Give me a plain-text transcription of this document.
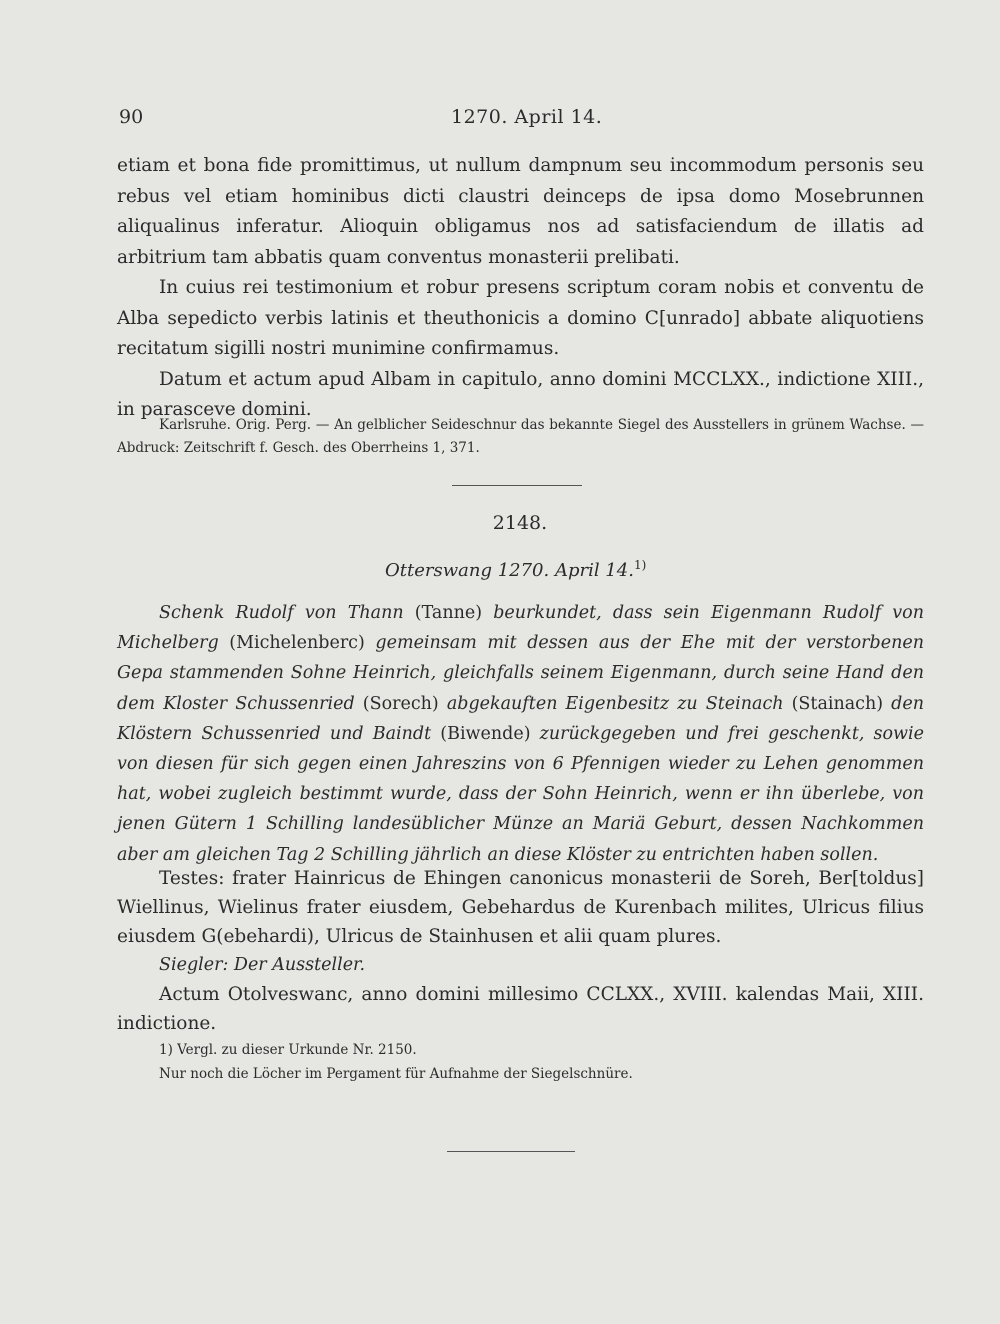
90	1270. April 14.

etiam et bona fide promittimus, ut nullum dampnum seu incommodum personis seu rebus vel etiam hominibus dicti claustri deinceps de ipsa domo Mosebrunnen aliqualinus inferatur. Alioquin obligamus nos ad satisfaciendum de illatis ad arbitrium tam abbatis quam conventus monasterii prelibati.

In cuius rei testimonium et robur presens scriptum coram nobis et conventu de Alba sepedicto verbis latinis et theuthonicis a domino C[unrado] abbate aliquotiens recitatum sigilli nostri munimine confirmamus.

Datum et actum apud Albam in capitulo, anno domini MCCLXX., indictione XIII., in parasceve domini.

Karlsruhe. Orig. Perg. — An gelblicher Seideschnur das bekannte Siegel des Ausstellers in grünem Wachse. — Abdruck: Zeitschrift f. Gesch. des Oberrheins 1, 371.

2148.
Otterswang 1270. April 14.$^{1)}$

Schenk Rudolf von Thann (Tanne) beurkundet, dass sein Eigenmann Rudolf von Michelberg (Michelenberc) gemeinsam mit dessen aus der Ehe mit der verstorbenen Gepa stammenden Sohne Heinrich, gleichfalls seinem Eigenmann, durch seine Hand den dem Kloster Schussenried (Sorech) abgekauften Eigenbesitz zu Steinach (Stainach) den Klöstern Schussenried und Baindt (Biwende) zurückgegeben und frei geschenkt, sowie von diesen für sich gegen einen Jahreszins von 6 Pfennigen wieder zu Lehen genommen hat, wobei zugleich bestimmt wurde, dass der Sohn Heinrich, wenn er ihn überlebe, von jenen Gütern 1 Schilling landesüblicher Münze an Mariä Geburt, dessen Nachkommen aber am gleichen Tag 2 Schilling jährlich an diese Klöster zu entrichten haben sollen.

Testes: frater Hainricus de Ehingen canonicus monasterii de Soreh, Ber[toldus] Wiellinus, Wielinus frater eiusdem, Gebehardus de Kurenbach milites, Ulricus filius eiusdem G(ebehardi), Ulricus de Stainhusen et alii quam plures.

Siegler: Der Aussteller.

Actum Otolveswanc, anno domini millesimo CCLXX., XVIII. kalendas Maii, XIII. indictione.

1) Vergl. zu dieser Urkunde Nr. 2150.

Nur noch die Löcher im Pergament für Aufnahme der Siegelschnüre.
